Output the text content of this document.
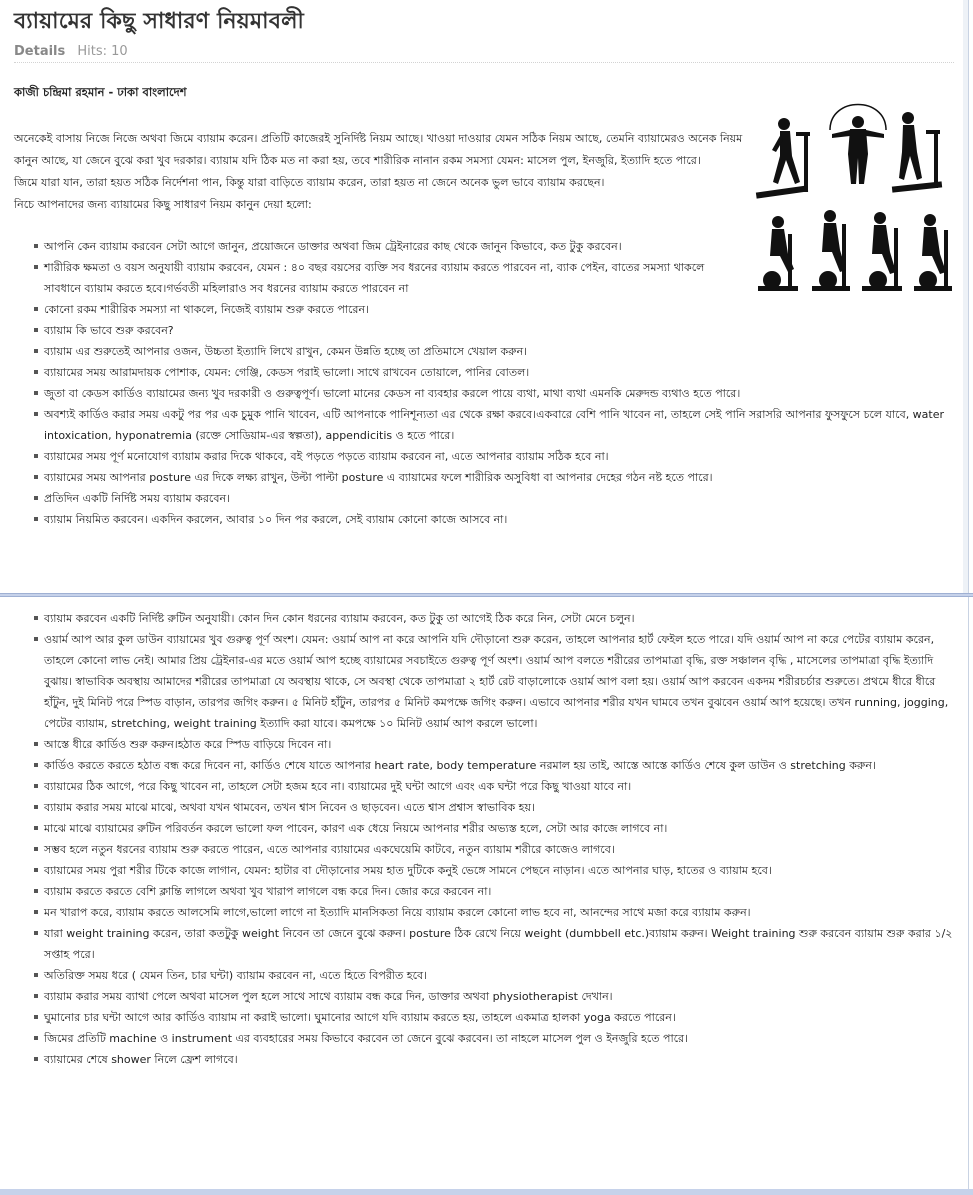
ব্যায়ামের কিছু সাধারণ নিয়মাবলী
Details Hits: 10
কাজী চন্দ্রিমা রহমান - ঢাকা বাংলাদেশ

অনেকেই বাসায় নিজে নিজে অথবা জিমে ব্যায়াম করেন। প্রতিটি কাজেরই সুনির্দিষ্ট নিয়ম আছে। খাওয়া দাওয়ার যেমন সঠিক নিয়ম আছে, তেমনি ব্যায়ামেরও অনেক নিয়ম কানুন আছে, যা জেনে বুঝে করা খুব দরকার। ব্যায়াম যদি ঠিক মত না করা হয়, তবে শারীরিক নানান রকম সমস্যা যেমন: মাসেল পুল, ইনজুরি, ইত্যাদি হতে পারে।

জিমে যারা যান, তারা হয়ত সঠিক নির্দেশনা পান, কিন্তু যারা বাড়িতে ব্যায়াম করেন, তারা হয়ত না জেনে অনেক ভুল ভাবে ব্যায়াম করছেন।

নিচে আপনাদের জন্য ব্যায়ামের কিছু সাধারণ নিয়ম কানুন দেয়া হলো:

আপনি কেন ব্যায়াম করবেন সেটা আগে জানুন, প্রয়োজনে ডাক্তার অথবা জিম ট্রেইনারের কাছ থেকে জানুন কিভাবে, কত টুকু করবেন।
শারীরিক ক্ষমতা ও বয়স অনুযায়ী ব্যায়াম করবেন, যেমন : ৪০ বছর বয়সের ব্যক্তি সব ধরনের ব্যায়াম করতে পারবেন না, ব্যাক পেইন, বাতের সমস্যা থাকলে সাবধানে ব্যায়াম করতে হবে।গর্ভবতী মহিলারাও সব ধরনের ব্যায়াম করতে পারবেন না
কোনো রকম শারীরিক সমস্যা না থাকলে, নিজেই ব্যায়াম শুরু করতে পারেন।
ব্যায়াম কি ভাবে শুরু করবেন?
ব্যায়াম এর শুরুতেই আপনার ওজন, উচ্চতা ইত্যাদি লিখে রাখুন, কেমন উন্নতি হচ্ছে তা প্রতিমাসে খেয়াল করুন।
ব্যায়ামের সময় আরামদায়ক পোশাক, যেমন: গেঞ্জি, কেডস পরাই ভালো। সাথে রাখবেন তোয়ালে, পানির বোতল।
জুতা বা কেডস কার্ডিও ব্যায়ামের জন্য খুব দরকারী ও গুরুত্বপূর্ণ। ভালো মানের কেডস না ব্যবহার করলে পায়ে ব্যথা, মাথা ব্যথা এমনকি মেরুদন্ড ব্যথাও হতে পারে।
অবশ্যই কার্ডিও করার সময় একটু পর পর এক চুমুক পানি খাবেন, এটি আপনাকে পানিশূন্যতা এর থেকে রক্ষা করবে।একবারে বেশি পানি খাবেন না, তাহলে সেই পানি সরাসরি আপনার ফুসফুসে চলে যাবে, water intoxication, hyponatremia (রক্তে সোডিয়াম-এর স্বল্পতা), appendicitis ও হতে পারে।
ব্যায়ামের সময় পূর্ণ মনোযোগ ব্যায়াম করার দিকে থাকবে, বই পড়তে পড়তে ব্যায়াম করবেন না, এতে আপনার ব্যায়াম সঠিক হবে না।
ব্যায়ামের সময় আপনার posture এর দিকে লক্ষ্য রাখুন, উল্টা পাল্টা posture এ ব্যায়ামের ফলে শারীরিক অসুবিধা বা আপনার দেহের গঠন নষ্ট হতে পারে।
প্রতিদিন একটি নির্দিষ্ট সময় ব্যায়াম করবেন।
ব্যায়াম নিয়মিত করবেন। একদিন করলেন, আবার ১০ দিন পর করলে, সেই ব্যায়াম কোনো কাজে আসবে না।
ব্যায়াম করবেন একটি নির্দিষ্ট রুটিন অনুযায়ী। কোন দিন কোন ধরনের ব্যায়াম করবেন, কত টুকু তা আগেই ঠিক করে নিন, সেটা মেনে চলুন।
ওয়ার্ম আপ আর কুল ডাউন ব্যায়ামের খুব গুরুত্ব পূর্ণ অংশ। যেমন: ওয়ার্ম আপ না করে আপনি যদি দৌড়ানো শুরু করেন, তাহলে আপনার হার্ট ফেইল হতে পারে। যদি ওয়ার্ম আপ না করে পেটের ব্যায়াম করেন, তাহলে কোনো লাভ নেই। আমার প্রিয় ট্রেইনার-এর মতে ওয়ার্ম আপ হচ্ছে ব্যায়ামের সবচাইতে গুরুত্ব পূর্ণ অংশ। ওয়ার্ম আপ বলতে শরীরের তাপমাত্রা বৃদ্ধি, রক্ত সঞ্চালন বৃদ্ধি , মাসেলের তাপমাত্রা বৃদ্ধি ইত্যাদি বুঝায়। স্বাভাবিক অবস্থায় আমাদের শরীরের তাপমাত্রা যে অবস্থায় থাকে, সে অবস্থা থেকে তাপমাত্রা ২ হার্ট রেট বাড়ালোকে ওয়ার্ম আপ বলা হয়। ওয়ার্ম আপ করবেন একদম শরীরচর্চার শুরুতে। প্রথমে ধীরে ধীরে হাঁটুন, দুই মিনিট পরে স্পিড বাড়ান, তারপর জগিং করুন। ৫ মিনিট হাঁটুন, তারপর ৫ মিনিট কমপক্ষে জগিং করুন। এভাবে আপনার শরীর যখন ঘামবে তখন বুঝবেন ওয়ার্ম আপ হয়েছে। তখন running, jogging, পেটের ব্যায়াম, stretching, weight training ইত্যাদি করা যাবে। কমপক্ষে ১০ মিনিট ওয়ার্ম আপ করলে ভালো।
আস্তে ধীরে কার্ডিও শুরু করুন।হঠাত করে স্পিড বাড়িয়ে দিবেন না।
কার্ডিও করতে করতে হঠাত বন্ধ করে দিবেন না, কার্ডিও শেষে যাতে আপনার heart rate, body temperature নরমাল হয় তাই, আস্তে আস্তে কার্ডিও শেষে কুল ডাউন ও stretching করুন।
ব্যায়ামের ঠিক আগে, পরে কিছু খাবেন না, তাহলে সেটা হজম হবে না। ব্যায়ামের দুই ঘন্টা আগে এবং এক ঘন্টা পরে কিছু খাওয়া যাবে না।
ব্যায়াম করার সময় মাঝে মাঝে, অথবা যখন থামবেন, তখন শ্বাস নিবেন ও ছাড়বেন। এতে শ্বাস প্রশ্বাস স্বাভাবিক হয়।
মাঝে মাঝে ব্যায়ামের রুটিন পরিবর্তন করলে ভালো ফল পাবেন, কারণ এক ধেয়ে নিয়মে আপনার শরীর অভ্যস্ত হলে, সেটা আর কাজে লাগবে না।
সম্ভব হলে নতুন ধরনের ব্যায়াম শুরু করতে পারেন, এতে আপনার ব্যায়ামের একঘেয়েমি কাটবে, নতুন ব্যায়াম শরীরে কাজেও লাগবে।
ব্যায়ামের সময় পুরা শরীর টিকে কাজে লাগান, যেমন: হাটার বা দৌড়ানোর সময় হাত দুটিকে কনুই ভেঙ্গে সামনে পেছনে নাড়ান। এতে আপনার ঘাড়, হাতের ও ব্যায়াম হবে।
ব্যায়াম করতে করতে বেশি ক্লান্তি লাগলে অথবা খুব খারাপ লাগলে বন্ধ করে দিন। জোর করে করবেন না।
মন খারাপ করে, ব্যায়াম করতে আলসেমি লাগে,ভালো লাগে না ইত্যাদি মানসিকতা নিয়ে ব্যায়াম করলে কোনো লাভ হবে না, আনন্দের সাথে মজা করে ব্যায়াম করুন।
যারা weight training করেন, তারা কতটুকু weight নিবেন তা জেনে বুঝে করুন। posture ঠিক রেখে নিয়ে weight (dumbbell etc.)ব্যায়াম করুন। Weight training শুরু করবেন ব্যায়াম শুরু করার ১/২ সপ্তাহ পরে।
অতিরিক্ত সময় ধরে ( যেমন তিন, চার ঘন্টা) ব্যায়াম করবেন না, এতে হিতে বিপরীত হবে।
ব্যায়াম করার সময় ব্যাথা পেলে অথবা মাসেল পুল হলে সাথে সাথে ব্যায়াম বন্ধ করে দিন, ডাক্তার অথবা physiotherapist দেখান।
ঘুমানোর চার ঘন্টা আগে আর কার্ডিও ব্যায়াম না করাই ভালো। ঘুমানোর আগে যদি ব্যায়াম করতে হয়, তাহলে একমাত্র হালকা yoga করতে পারেন।
জিমের প্রতিটি machine ও instrument এর ব্যবহারের সময় কিভাবে করবেন তা জেনে বুঝে করবেন। তা নাহলে মাসেল পুল ও ইনজুরি হতে পারে।
ব্যায়ামের শেষে shower নিলে ফ্রেশ লাগবে।
